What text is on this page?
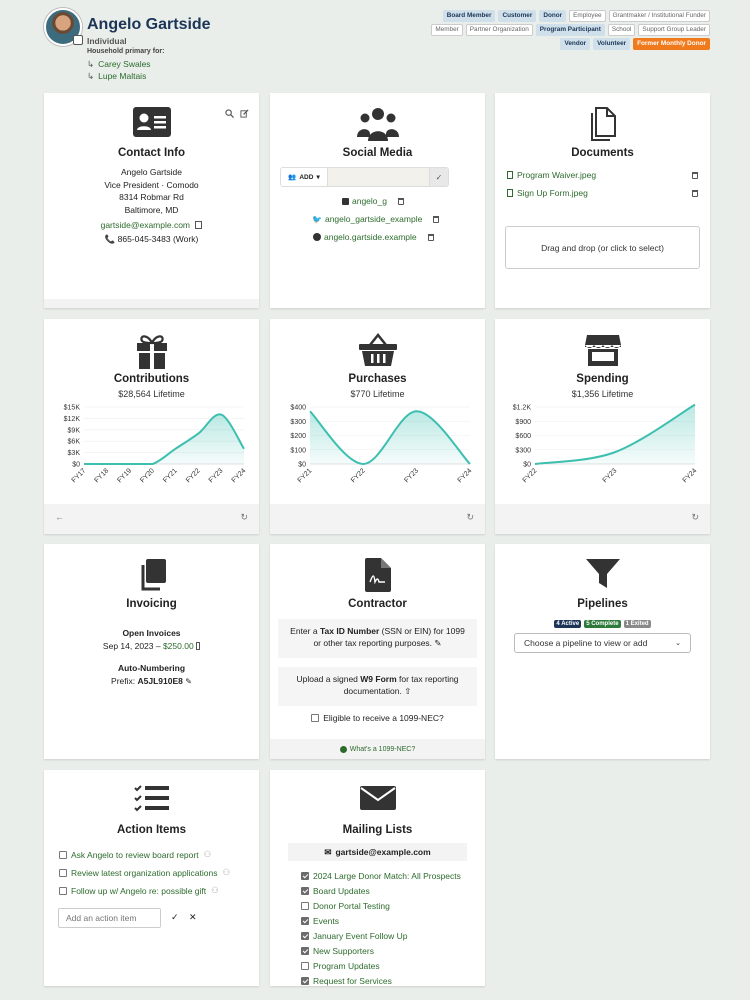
Angelo Gartside
Individual
Household primary for:
↳ Carey Swales
↳ Lupe Maltais
Board Member	Customer	Donor	Employee	Grantmaker / Institutional Funder
Member	Partner Organization	Program Participant	School	Support Group Leader
Vendor	Volunteer	Former Monthly Donor
Contact Info
Angelo Gartside
Vice President · Comodo
8314 Robmar Rd
Baltimore, MD
gartside@example.com
📞 865-045-3483 (Work)
Social Media
👥 ADD ▾	✓
angelo_g
🐦 angelo_gartside_example
angelo.gartside.example
Documents
Program Waiver.jpeg
Sign Up Form.jpeg
Drag and drop (or click to select)
Contributions
$28,564 Lifetime
$0
$3K
$6K
$9K
$12K
$15K
FY17 FY18 FY19 FY20 FY21 FY22 FY23 FY24
←	↻
Purchases
$770 Lifetime
$0
$100
$200
$300
$400
FY21	FY22	FY23	FY24
↻
Spending
$1,356 Lifetime
$0
$300
$600
$900
$1.2K
FY22	FY23	FY24
↻
Invoicing
Open Invoices
Sep 14, 2023 – $250.00
Auto-Numbering
Prefix: A5JL910E8 ✎
Contractor
Enter a Tax ID Number (SSN or EIN) for 1099 or other tax reporting purposes. ✎
Upload a signed W9 Form for tax reporting documentation. ⇧
Eligible to receive a 1099-NEC?
What's a 1099-NEC?
Pipelines
4 Active	5 Complete	1 Exited
Choose a pipeline to view or add	⌄
Action Items
Ask Angelo to review board report ⚇
Review latest organization applications ⚇
Follow up w/ Angelo re: possible gift ⚇
Add an action item
✓ ✕
Mailing Lists
✉ gartside@example.com
2024 Large Donor Match: All Prospects
Board Updates
Donor Portal Testing
Events
January Event Follow Up
New Supporters
Program Updates
Request for Services
